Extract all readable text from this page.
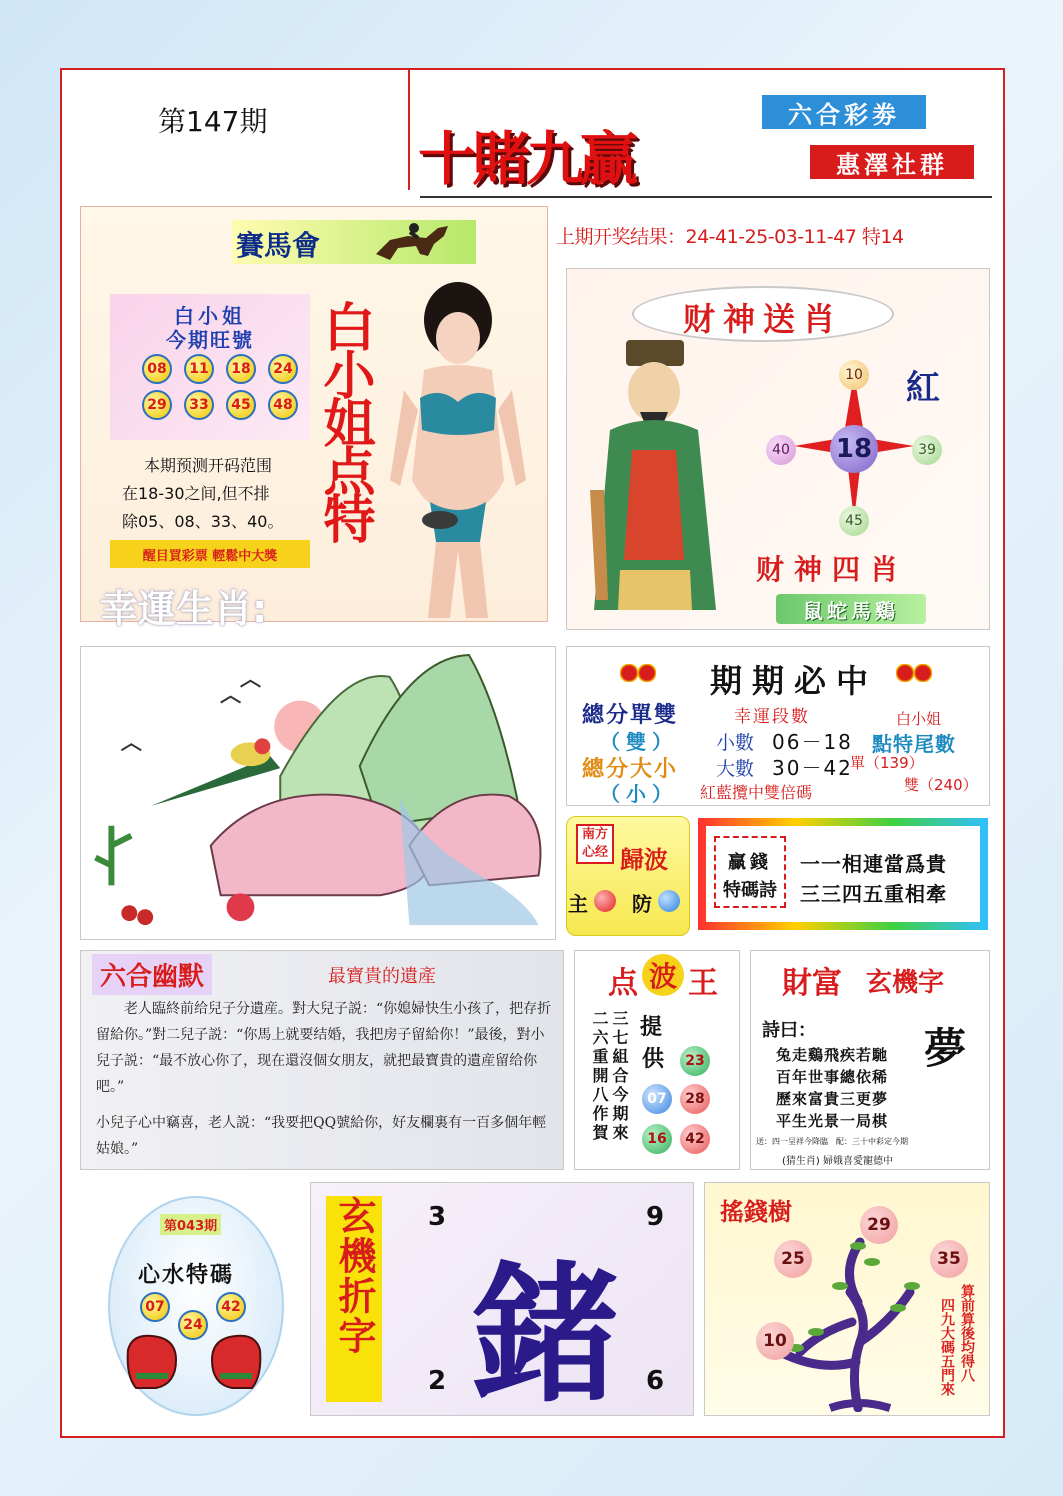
第147期
十賭九贏
六合彩劵
惠澤社群
賽馬會
白小姐
今期旺號
08	11	18	24
29	33	45	48
本期预测开码范围
在18-30之间,但不排
除05、08、33、40。
醒目買彩票 輕鬆中大獎
幸運生肖:
白小姐点特
上期开奖结果：24-41-25-03-11-47 特14
财神送肖
紅
18
10
40	39
45
财神四肖
鼠蛇馬鷄
期期必中
總分單雙
（雙）
總分大小
（小）
幸運段數
小數 06－18
大數 30－42
紅藍攬中雙倍碼
白小姐
點特尾數
單（139）
雙（240）
南方
心经 歸波
主 防
贏錢
特碼詩
一一相連當爲貴
三三四五重相牽
六合幽默	最寶貴的遺產
　　老人臨終前给兒子分遺産。對大兒子説：“你媳婦快生小孩了，把存折留給你。”對二兒子説：“你馬上就要结婚，我把房子留給你！”最後，對小兒子説：“最不放心你了，现在還沒個女朋友，就把最寶貴的遺産留给你吧。”
小兒子心中竊喜，老人説：“我要把QQ號給你，好友欄裏有一百多個年輕姑娘。”
点 波 王
三七組合今期來
二六重開八作賀 提
供	23
07	28
16	42
財富 玄機字
詩曰：	夢
兔走鷄飛疾若馳
百年世事總依稀
歷來富貴三更夢
平生光景一局棋
送：四一呈祥今降臨　配：三十中彩定今期
(猜生肖) 婦娥喜愛寵德中
第043期
心水特碼
07
24
42 玄機折字 鍺
3	9
2	6
搖錢樹	29
25	35
10	算前算後均得八
四九大碼五門來
